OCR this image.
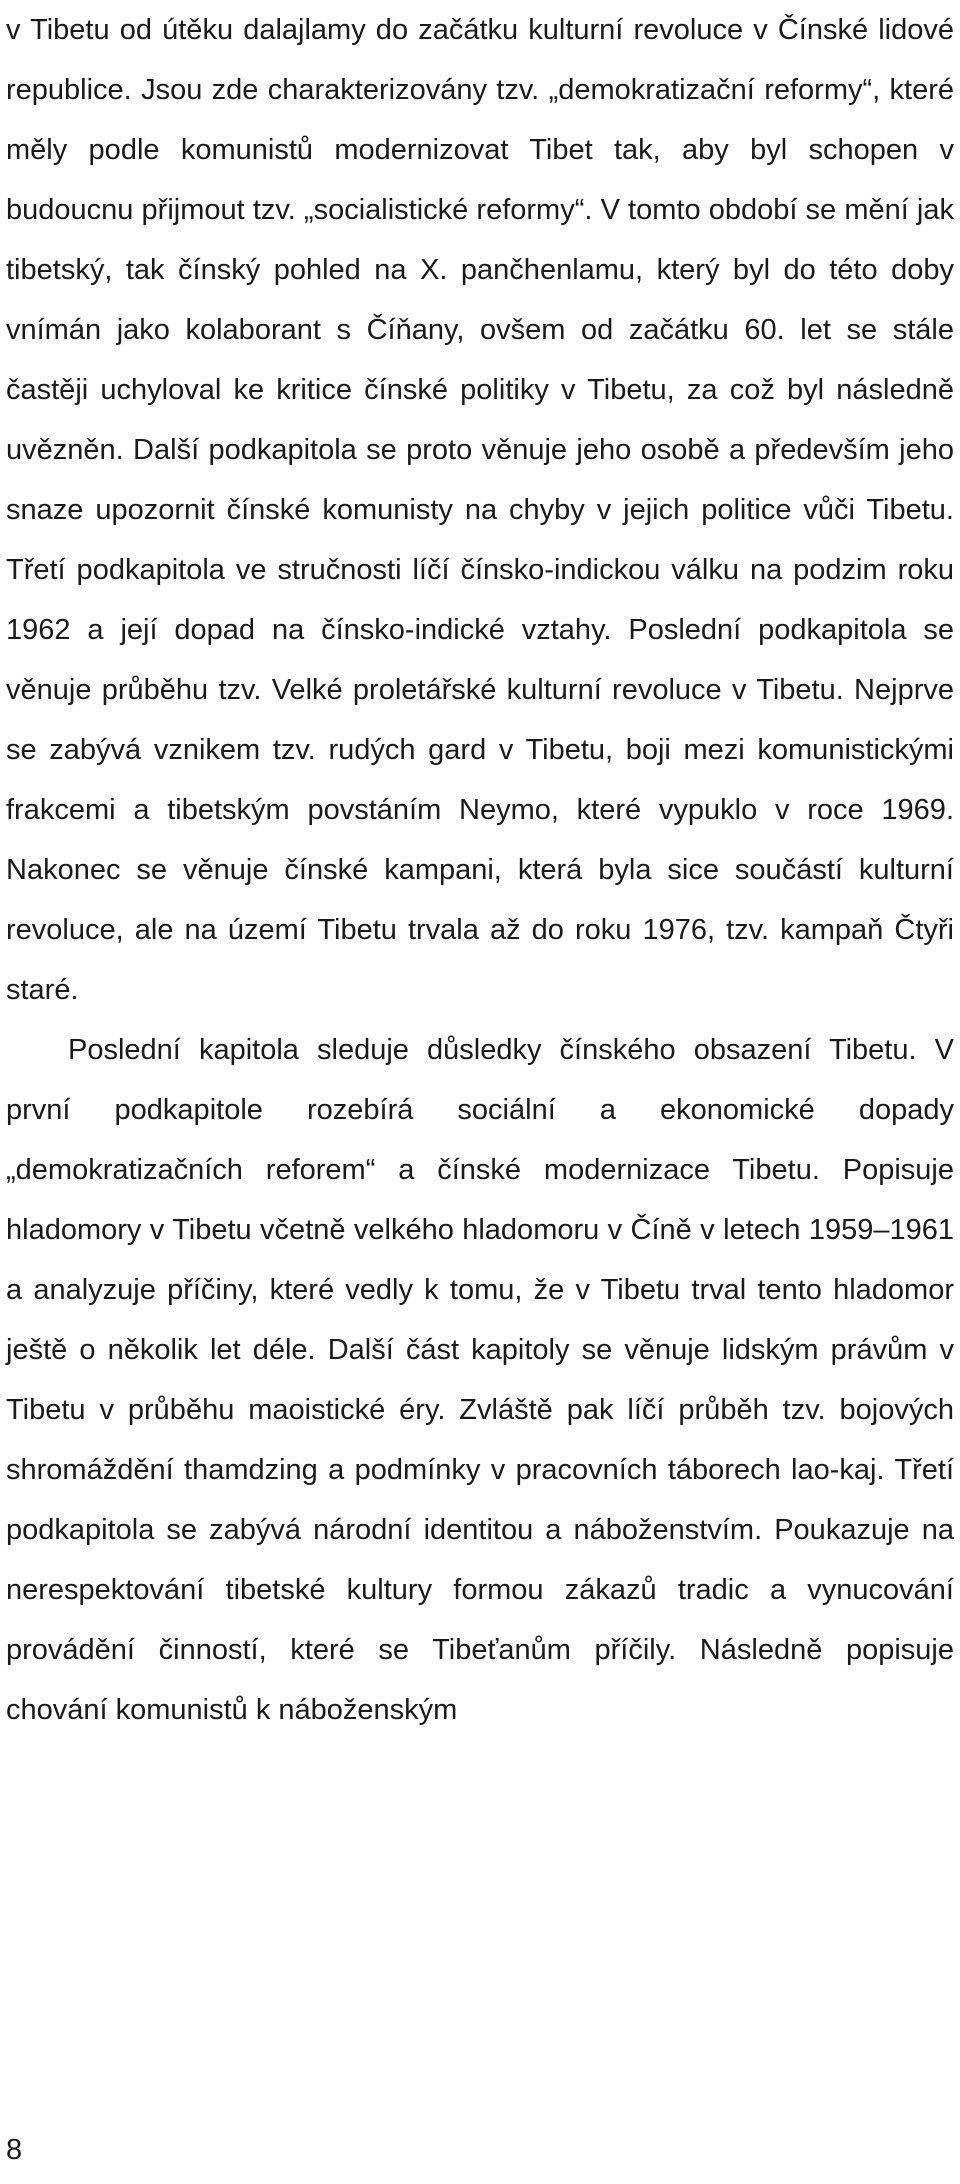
v Tibetu od útěku dalajlamy do začátku kulturní revoluce v Čínské lidové republice. Jsou zde charakterizovány tzv. „demokratizační reformy“, které měly podle komunistů modernizovat Tibet tak, aby byl schopen v budoucnu přijmout tzv. „socialistické reformy“. V tomto období se mění jak tibetský, tak čínský pohled na X. pančhenlamu, který byl do této doby vnímán jako kolaborant s Číňany, ovšem od začátku 60. let se stále častěji uchyloval ke kritice čínské politiky v Tibetu, za což byl následně uvězněn. Další podkapitola se proto věnuje jeho osobě a především jeho snaze upozornit čínské komunisty na chyby v jejich politice vůči Tibetu. Třetí podkapitola ve stručnosti líčí čínsko-indickou válku na podzim roku 1962 a její dopad na čínsko-indické vztahy. Poslední podkapitola se věnuje průběhu tzv. Velké proletářské kulturní revoluce v Tibetu. Nejprve se zabývá vznikem tzv. rudých gard v Tibetu, boji mezi komunistickými frakcemi a tibetským povstáním Neymo, které vypuklo v roce 1969. Nakonec se věnuje čínské kampani, která byla sice součástí kulturní revoluce, ale na území Tibetu trvala až do roku 1976, tzv. kampaň Čtyři staré.

Poslední kapitola sleduje důsledky čínského obsazení Tibetu. V první podkapitole rozebírá sociální a ekonomické dopady „demokratizačních reforem“ a čínské modernizace Tibetu. Popisuje hladomory v Tibetu včetně velkého hladomoru v Číně v letech 1959–1961 a analyzuje příčiny, které vedly k tomu, že v Tibetu trval tento hladomor ještě o několik let déle. Další část kapitoly se věnuje lidským právům v Tibetu v průběhu maoistické éry. Zvláště pak líčí průběh tzv. bojových shromáždění thamdzing a podmínky v pracovních táborech lao-kaj. Třetí podkapitola se zabývá národní identitou a náboženstvím. Poukazuje na nerespektování tibetské kultury formou zákazů tradic a vynucování provádění činností, které se Tibeťanům příčily. Následně popisuje chování komunistů k náboženským

8
